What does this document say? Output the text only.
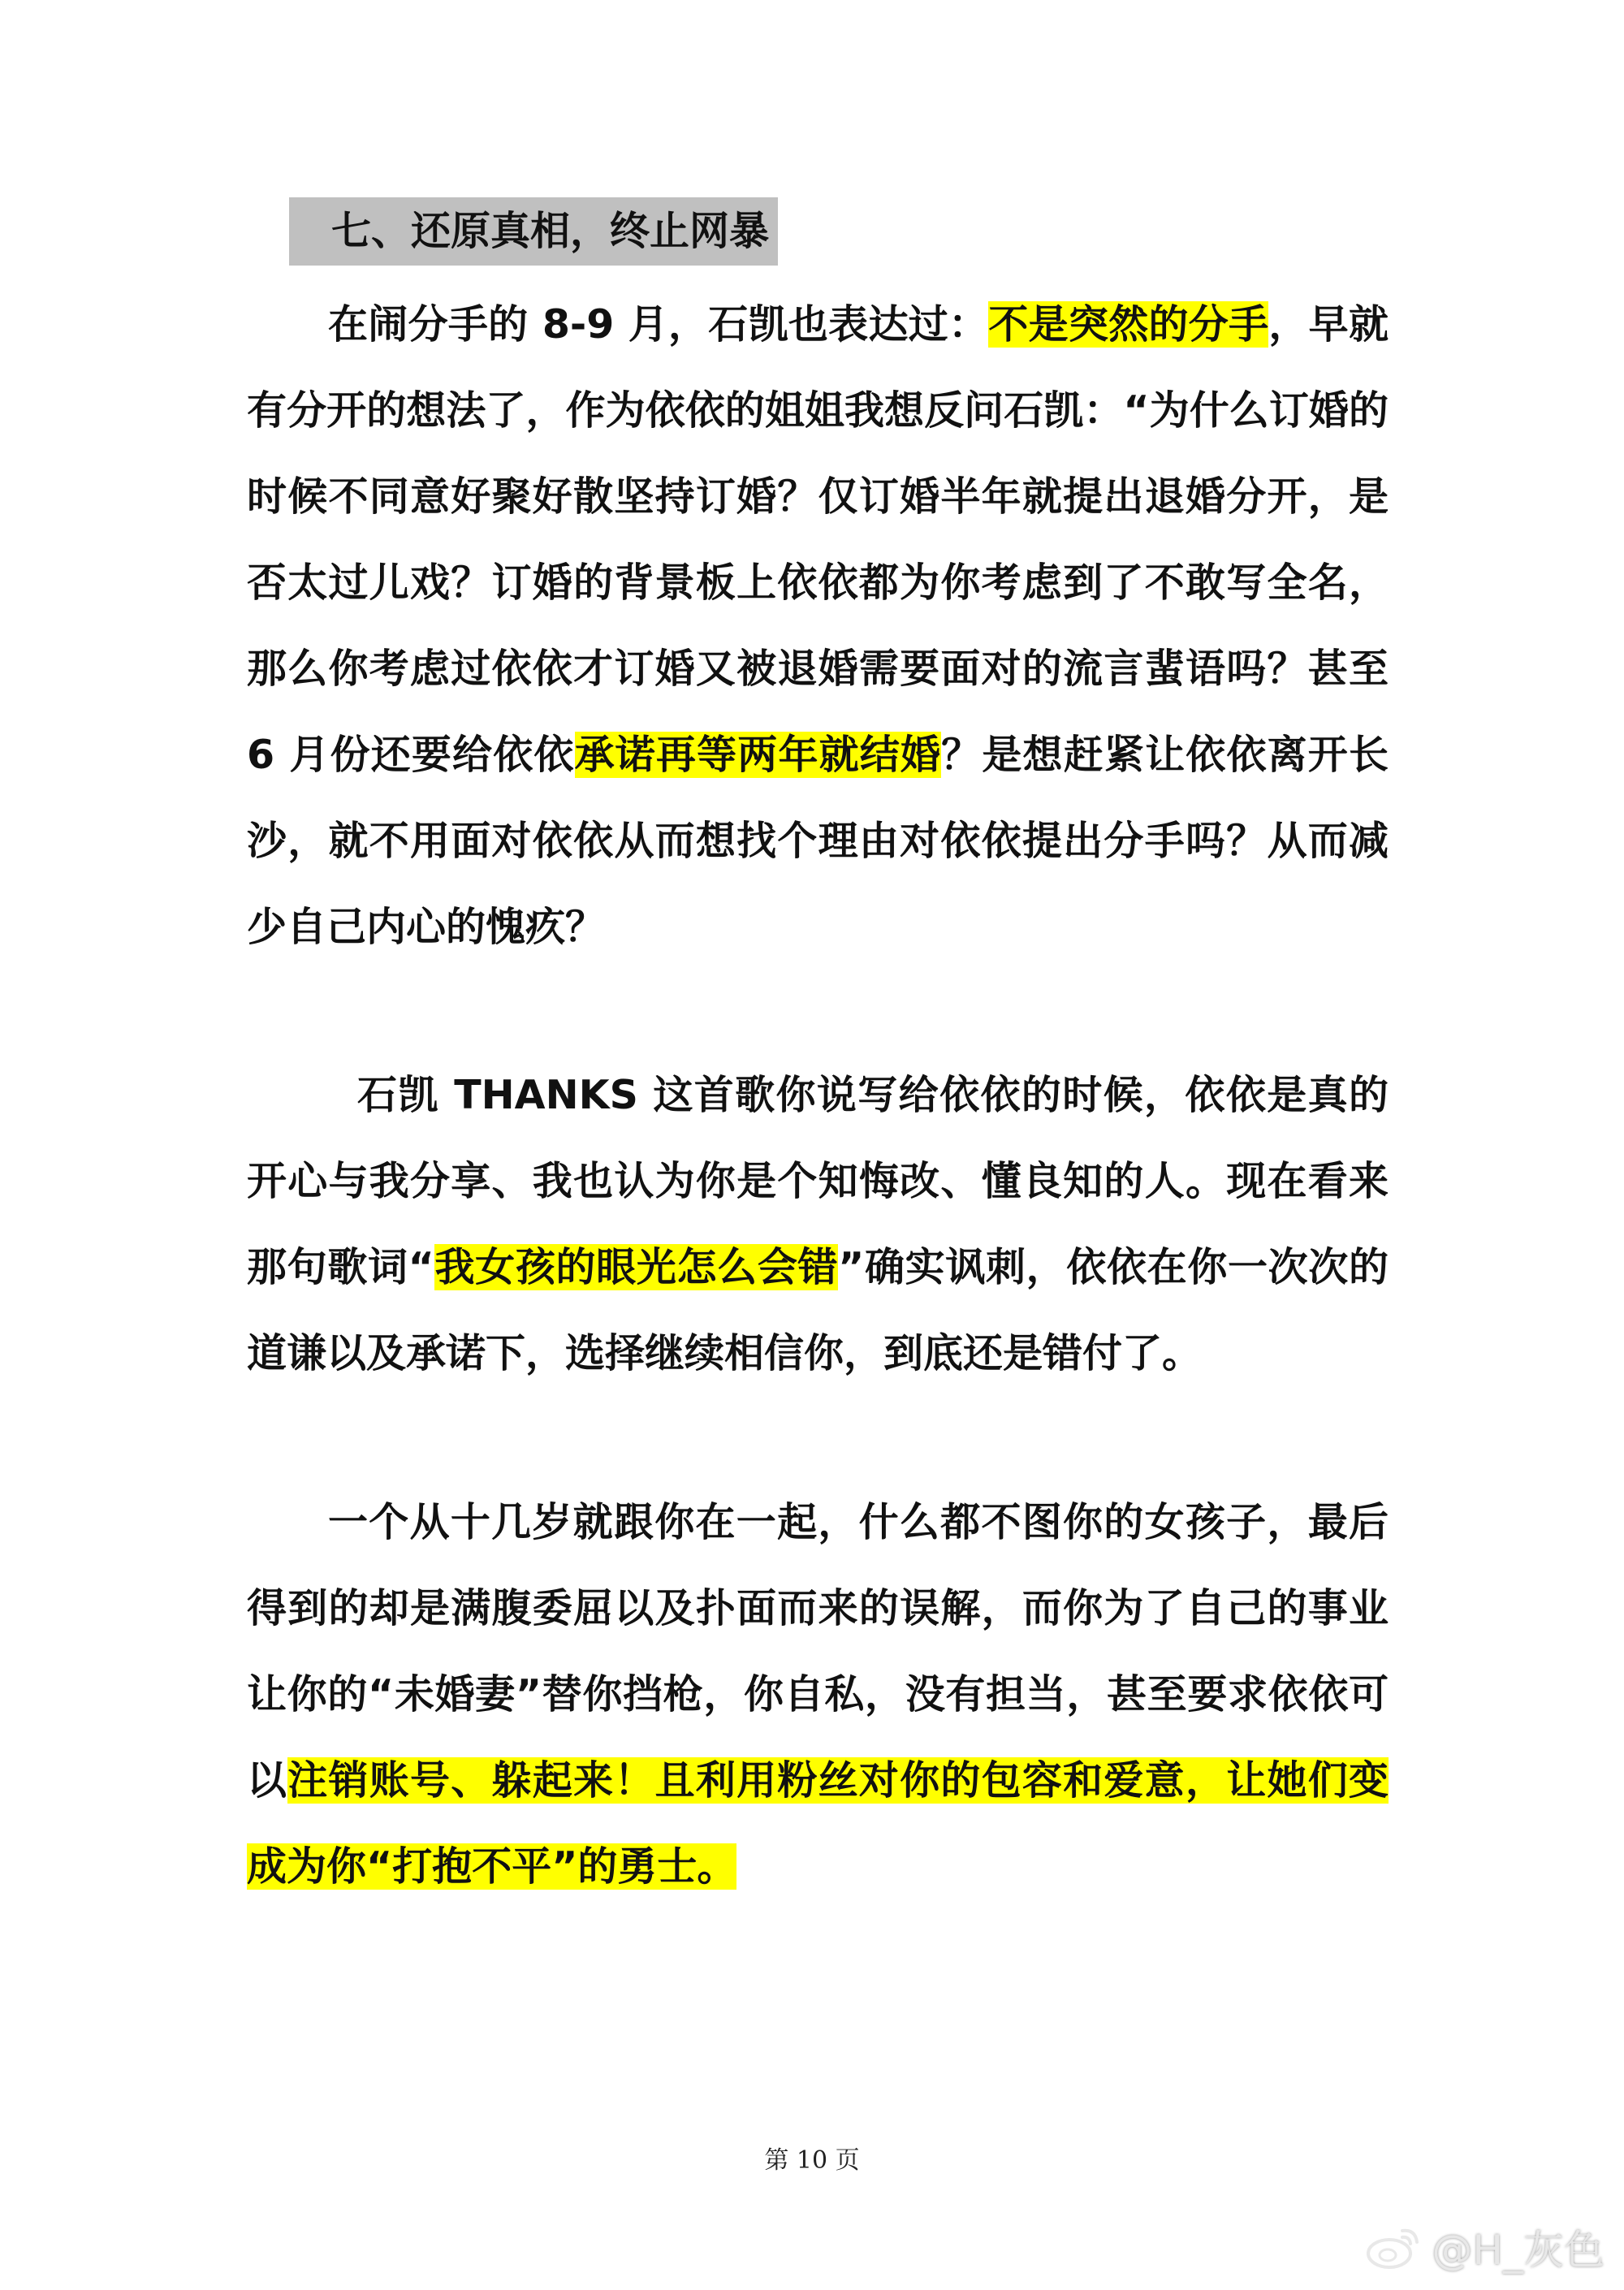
七、还原真相，终止网暴

在闹分手的 8-9 月，石凯也表达过：不是突然的分手，早就有分开的想法了，作为依依的姐姐我想反问石凯：“为什么订婚的时候不同意好聚好散坚持订婚？仅订婚半年就提出退婚分开，是否太过儿戏？订婚的背景板上依依都为你考虑到了不敢写全名，那么你考虑过依依才订婚又被退婚需要面对的流言蜚语吗？甚至 6 月份还要给依依承诺再等两年就结婚？是想赶紧让依依离开长沙，就不用面对依依从而想找个理由对依依提出分手吗？从而减少自己内心的愧疚？

石凯 THANKS 这首歌你说写给依依的时候，依依是真的开心与我分享、我也认为你是个知悔改、懂良知的人。现在看来那句歌词“我女孩的眼光怎么会错”确实讽刺，依依在你一次次的道谦以及承诺下，选择继续相信你，到底还是错付了。

一个从十几岁就跟你在一起，什么都不图你的女孩子，最后得到的却是满腹委屈以及扑面而来的误解，而你为了自己的事业让你的“未婚妻”替你挡枪，你自私，没有担当，甚至要求依依可以注销账号、躲起来！且利用粉丝对你的包容和爱意，让她们变成为你“打抱不平”的勇士。

第 10 页
@H_灰色
